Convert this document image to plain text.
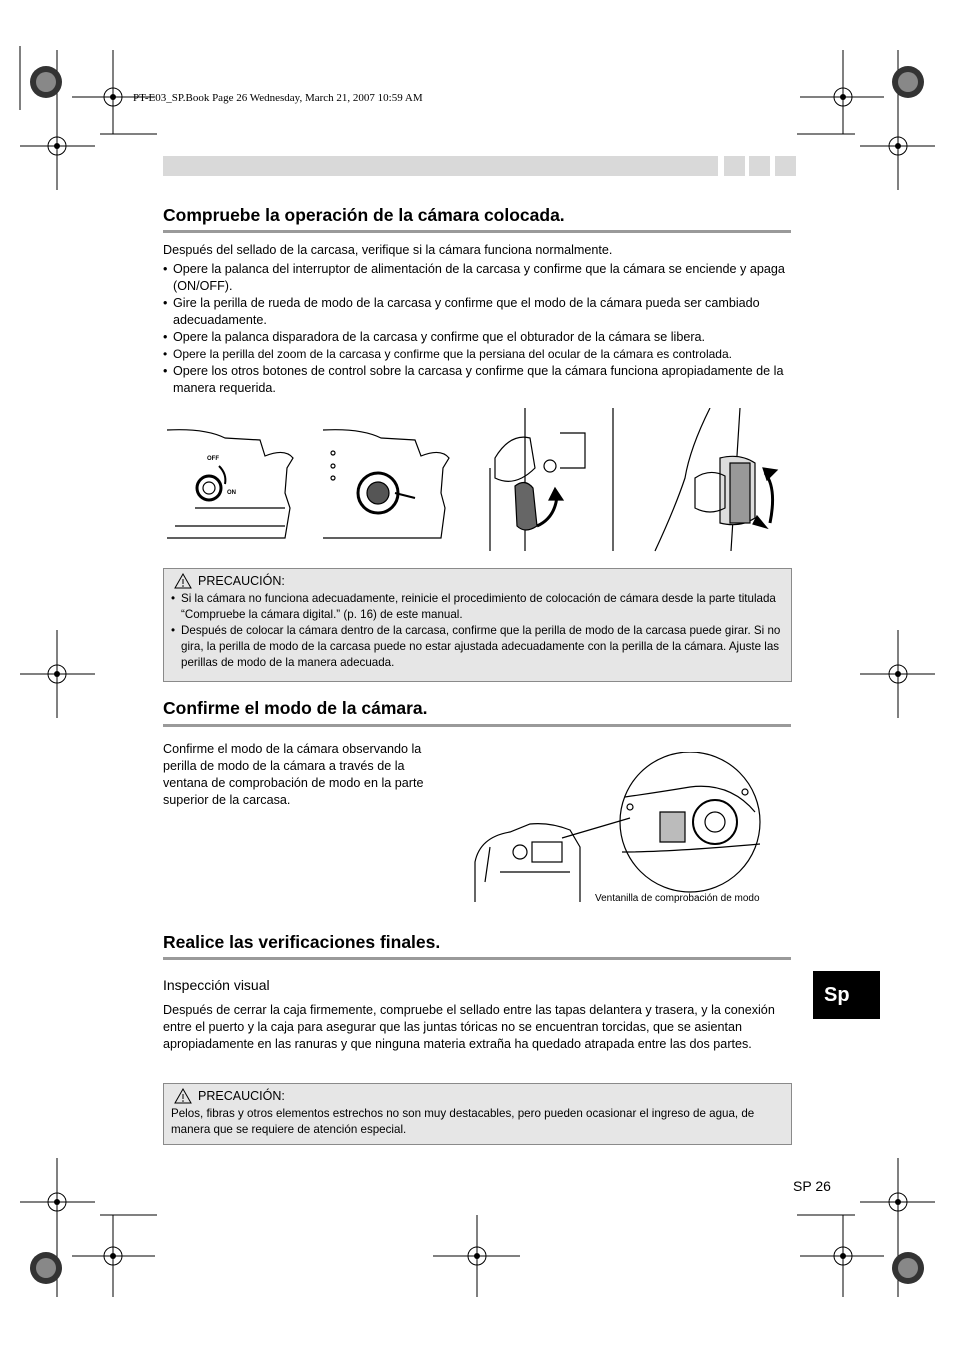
PT-E03_SP.Book Page 26 Wednesday, March 21, 2007 10:59 AM
Compruebe la operación de la cámara colocada.
Después del sellado de la carcasa, verifique si la cámara funciona normalmente.
• Opere la palanca del interruptor de alimentación de la carcasa y confirme que la cámara se enciende y apaga (ON/OFF).
• Gire la perilla de rueda de modo de la carcasa y confirme que el modo de la cámara pueda ser cambiado adecuadamente.
• Opere la palanca disparadora de la carcasa y confirme que el obturador de la cámara se libera.
• Opere la perilla del zoom de la carcasa y confirme que la persiana del ocular de la cámara es controlada.
• Opere los otros botones de control sobre la carcasa y confirme que la cámara funciona apropiadamente de la manera requerida.
OFF
ON
PRECAUCIÓN:
• Si la cámara no funciona adecuadamente, reinicie el procedimiento de colocación de cámara desde la parte titulada “Compruebe la cámara digital.” (p. 16) de este manual.
• Después de colocar la cámara dentro de la carcasa, confirme que la perilla de modo de la carcasa puede girar. Si no gira, la perilla de modo de la carcasa puede no estar ajustada adecuadamente con la perilla de la cámara. Ajuste las perillas de modo de la manera adecuada.
Confirme el modo de la cámara.
Confirme el modo de la cámara observando la perilla de modo de la cámara a través de la ventana de comprobación de modo en la parte superior de la carcasa.
Ventanilla de comprobación de modo
Realice las verificaciones finales.
Inspección visual
Después de cerrar la caja firmemente, compruebe el sellado entre las tapas delantera y trasera, y la conexión entre el puerto y la caja para asegurar que las juntas tóricas no se encuentran torcidas, que se asientan apropiadamente en las ranuras y que ninguna materia extraña ha quedado atrapada entre las dos partes.
PRECAUCIÓN:
Pelos, fibras y otros elementos estrechos no son muy destacables, pero pueden ocasionar el ingreso de agua, de manera que se requiere de atención especial.
Sp
SP 26
